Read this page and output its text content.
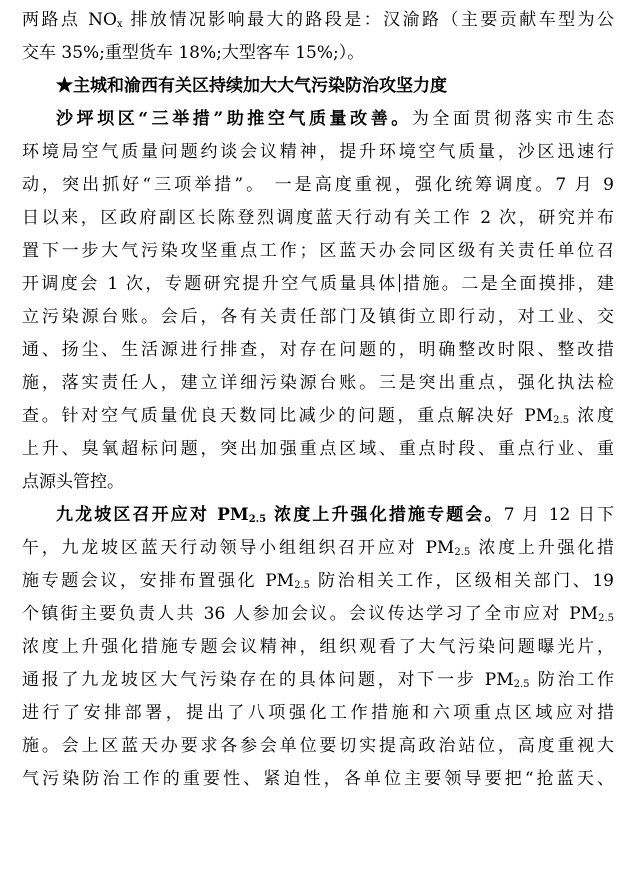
两路点 $NO_x$ 排放情况影响最大的路段是：汉渝路（主要贡献车型为公
交车 35%;重型货车 18%;大型客车 15%;）。
★主城和渝西有关区持续加大大气污染防治攻坚力度
沙坪坝区“三举措”助推空气质量改善。为全面贯彻落实市生态
环境局空气质量问题约谈会议精神，提升环境空气质量，沙区迅速行
动，突出抓好“三项举措”。 一是高度重视，强化统筹调度。7 月 9
日以来，区政府副区长陈登烈调度蓝天行动有关工作 2 次，研究并布
置下一步大气污染攻坚重点工作；区蓝天办会同区级有关责任单位召
开调度会 1 次，专题研究提升空气质量具体 措施。二是全面摸排，建
立污染源台账。会后，各有关责任部门及镇街立即行动，对工业、交
通、扬尘、生活源进行排查，对存在问题的，明确整改时限、整改措
施，落实责任人，建立详细污染源台账。三是突出重点，强化执法检
查。针对空气质量优良天数同比减少的问题，重点解决好 $PM_{2.5}$ 浓度
上升、臭氧超标问题，突出加强重点区域、重点时段、重点行业、重
点源头管控。
九龙坡区召开应对 $PM_{2.5}$ 浓度上升强化措施专题会。7 月 12 日下
午，九龙坡区蓝天行动领导小组组织召开应对 $PM_{2.5}$ 浓度上升强化措
施专题会议，安排布置强化 $PM_{2.5}$ 防治相关工作，区级相关部门、19
个镇街主要负责人共 36 人参加会议。会议传达学习了全市应对 $PM_{2.5}$
浓度上升强化措施专题会议精神，组织观看了大气污染问题曝光片，
通报了九龙坡区大气污染存在的具体问题，对下一步 $PM_{2.5}$ 防治工作
进行了安排部署，提出了八项强化工作措施和六项重点区域应对措
施。会上区蓝天办要求各参会单位要切实提高政治站位，高度重视大
气污染防治工作的重要性、紧迫性，各单位主要领导要把“抢蓝天、
